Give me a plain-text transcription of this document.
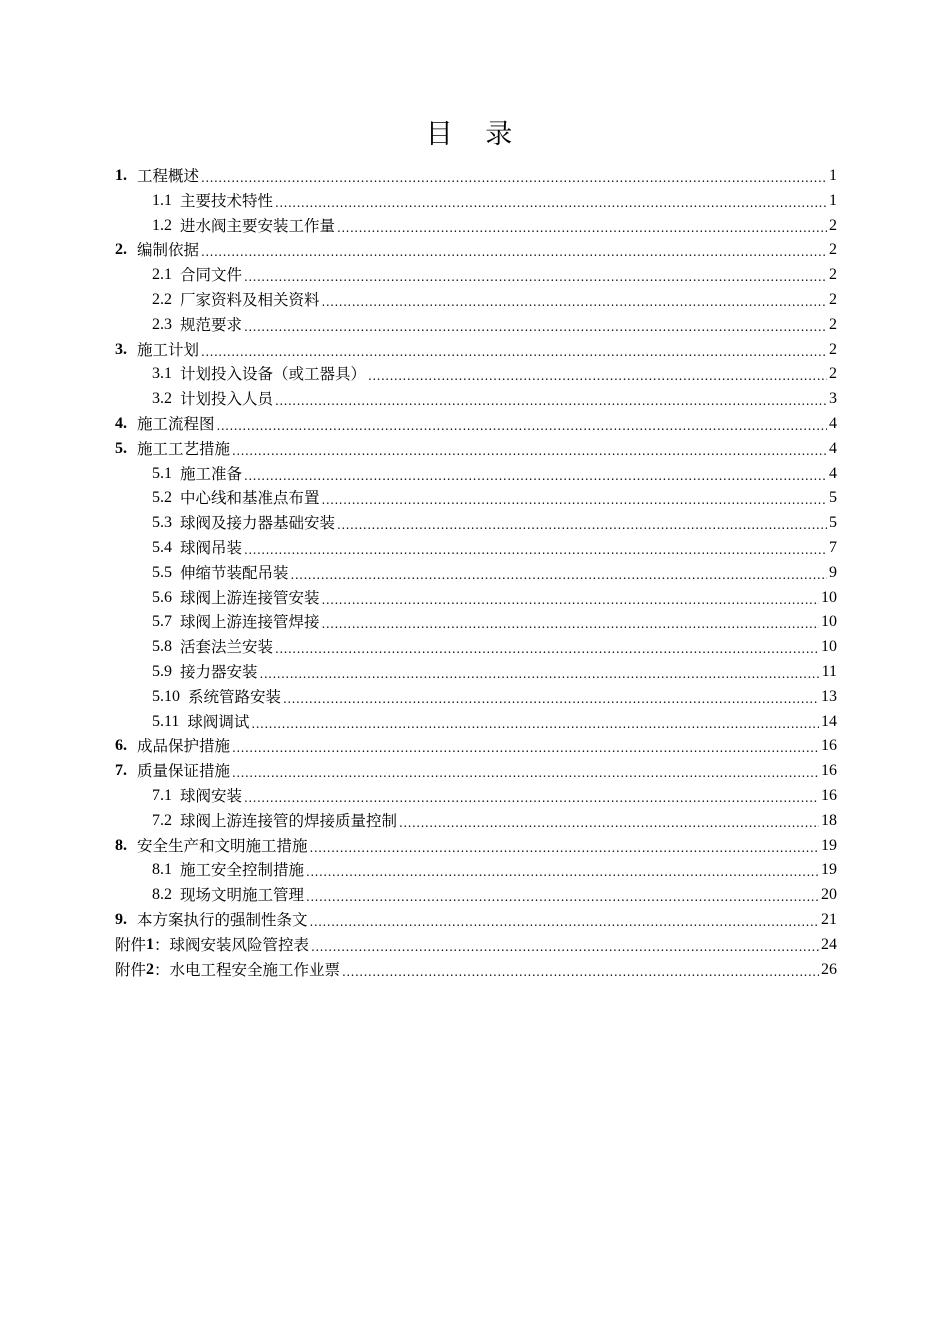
目 录
1. 工程概述 .....	1
1.1 主要技术特性 .....	1
1.2 进水阀主要安装工作量 .....	2
2. 编制依据 .....	2
2.1 合同文件 .....	2
2.2 厂家资料及相关资料 .....	2
2.3 规范要求 .....	2
3. 施工计划 .....	2
3.1 计划投入设备（或工器具） .....	2
3.2 计划投入人员 .....	3
4. 施工流程图 .....	4
5. 施工工艺措施 .....	4
5.1 施工准备 .....	4
5.2 中心线和基准点布置 .....	5
5.3 球阀及接力器基础安装 .....	5
5.4 球阀吊装 .....	7
5.5 伸缩节装配吊装 .....	9
5.6 球阀上游连接管安装 .....	10
5.7 球阀上游连接管焊接 .....	10
5.8 活套法兰安装 .....	10
5.9 接力器安装 .....	11
5.10 系统管路安装 .....	13
5.11 球阀调试 .....	14
6. 成品保护措施 .....	16
7. 质量保证措施 .....	16
7.1 球阀安装 .....	16
7.2 球阀上游连接管的焊接质量控制 .....	18
8. 安全生产和文明施工措施 .....	19
8.1 施工安全控制措施 .....	19
8.2 现场文明施工管理 .....	20
9. 本方案执行的强制性条文 .....	21
附件 1 ：球阀安装风险管控表 .....	24
附件 2 ：水电工程安全施工作业票 .....	26
